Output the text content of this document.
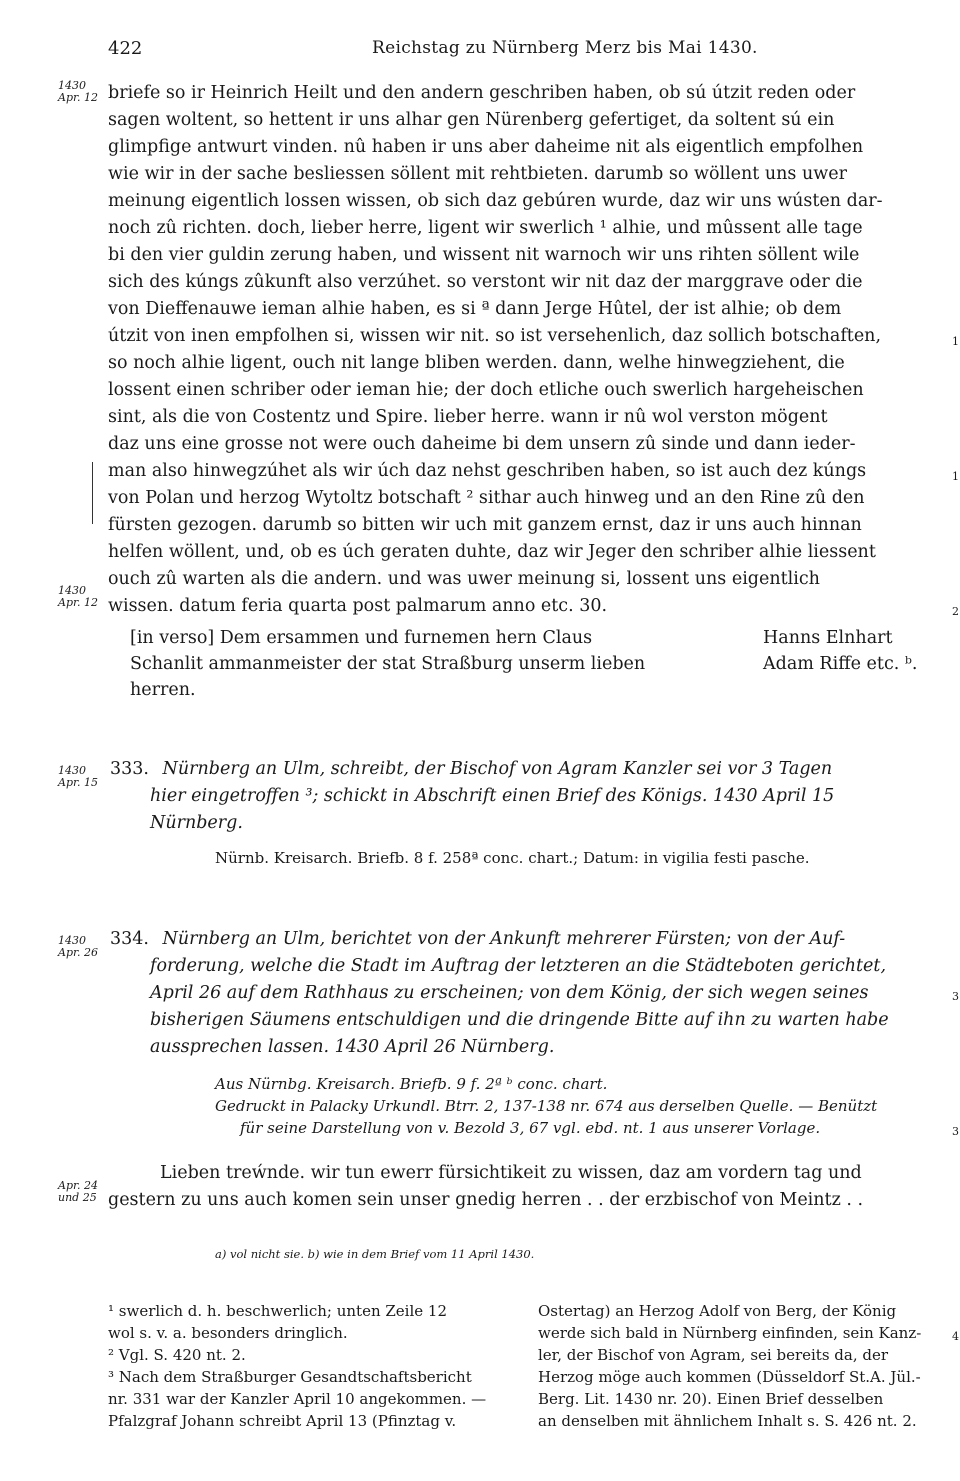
422	Reichstag zu Nürnberg Merz bis Mai 1430.
1430
Apr. 12
1430
Apr. 12
1430
Apr. 15
1430
Apr. 26
Apr. 24
und 25
1
1
2
3
3
4
briefe so ir Heinrich Heilt und den andern geschriben haben, ob sú útzit reden oder
sagen woltent, so hettent ir uns alhar gen Nürenberg gefertiget, da soltent sú ein
glimpfige antwurt vinden. nû haben ir uns aber daheime nit als eigentlich empfolhen
wie wir in der sache besliessen söllent mit rehtbieten. darumb so wöllent uns uwer
meinung eigentlich lossen wissen, ob sich daz gebúren wurde, daz wir uns wústen dar-
noch zû richten. doch, lieber herre, ligent wir swerlich ¹ alhie, und mûssent alle tage
bi den vier guldin zerung haben, und wissent nit warnoch wir uns rihten söllent wile
sich des kúngs zûkunft also verzúhet. so verstont wir nit daz der marggrave oder die
von Dieffenauwe ieman alhie haben, es si ª dann Jerge Hûtel, der ist alhie; ob dem
útzit von inen empfolhen si, wissen wir nit. so ist versehenlich, daz sollich botschaften,
so noch alhie ligent, ouch nit lange bliben werden. dann, welhe hinwegziehent, die
lossent einen schriber oder ieman hie; der doch etliche ouch swerlich hargeheischen
sint, als die von Costentz und Spire. lieber herre. wann ir nû wol verston mögent
daz uns eine grosse not were ouch daheime bi dem unsern zû sinde und dann ieder-
man also hinwegzúhet als wir úch daz nehst geschriben haben, so ist auch dez kúngs
von Polan und herzog Wytoltz botschaft ² sithar auch hinweg und an den Rine zû den
fürsten gezogen. darumb so bitten wir uch mit ganzem ernst, daz ir uns auch hinnan
helfen wöllent, und, ob es úch geraten duhte, daz wir Jeger den schriber alhie liessent
ouch zû warten als die andern. und was uwer meinung si, lossent uns eigentlich
wissen. datum feria quarta post palmarum anno etc. 30.
[in verso] Dem ersammen und furnemen hern Claus
Schanlit ammanmeister der stat Straßburg unserm lieben
herren.
Hanns Elnhart
Adam Riffe etc. ᵇ.
333. Nürnberg an Ulm, schreibt, der Bischof von Agram Kanzler sei vor 3 Tagen
hier eingetroffen ³; schickt in Abschrift einen Brief des Königs. 1430 April 15
Nürnberg.
Nürnb. Kreisarch. Briefb. 8 f. 258ª conc. chart.; Datum: in vigilia festi pasche.
334. Nürnberg an Ulm, berichtet von der Ankunft mehrerer Fürsten; von der Auf-
forderung, welche die Stadt im Auftrag der letzteren an die Städteboten gerichtet,
April 26 auf dem Rathhaus zu erscheinen; von dem König, der sich wegen seines
bisherigen Säumens entschuldigen und die dringende Bitte auf ihn zu warten habe
aussprechen lassen. 1430 April 26 Nürnberg.
Aus Nürnbg. Kreisarch. Briefb. 9 f. 2ª ᵇ conc. chart.
Gedruckt in Palacky Urkundl. Btrr. 2, 137-138 nr. 674 aus derselben Quelle. — Benützt
für seine Darstellung von v. Bezold 3, 67 vgl. ebd. nt. 1 aus unserer Vorlage.
Lieben treẃnde. wir tun ewerr fürsichtikeit zu wissen, daz am vordern tag und
gestern zu uns auch komen sein unser gnedig herren . . der erzbischof von Meintz . .
a) vol nicht sie. b) wie in dem Brief vom 11 April 1430.
¹ swerlich d. h. beschwerlich; unten Zeile 12
wol s. v. a. besonders dringlich.
² Vgl. S. 420 nt. 2.
³ Nach dem Straßburger Gesandtschaftsbericht
nr. 331 war der Kanzler April 10 angekommen. —
Pfalzgraf Johann schreibt April 13 (Pfinztag v.
Ostertag) an Herzog Adolf von Berg, der König
werde sich bald in Nürnberg einfinden, sein Kanz-
ler, der Bischof von Agram, sei bereits da, der
Herzog möge auch kommen (Düsseldorf St.A. Jül.-
Berg. Lit. 1430 nr. 20). Einen Brief desselben
an denselben mit ähnlichem Inhalt s. S. 426 nt. 2.
